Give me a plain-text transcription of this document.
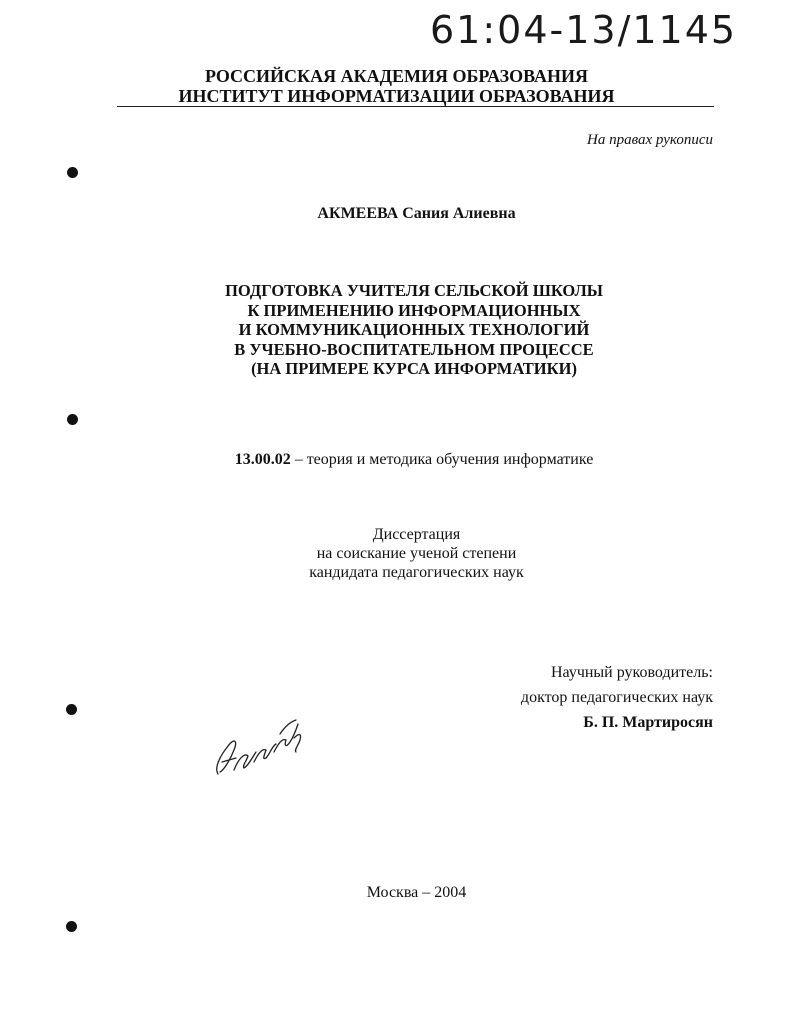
61:04-13/1145
РОССИЙСКАЯ АКАДЕМИЯ ОБРАЗОВАНИЯ
ИНСТИТУТ ИНФОРМАТИЗАЦИИ ОБРАЗОВАНИЯ
На правах рукописи
АКМЕЕВА Сания Алиевна
ПОДГОТОВКА УЧИТЕЛЯ СЕЛЬСКОЙ ШКОЛЫ
К ПРИМЕНЕНИЮ ИНФОРМАЦИОННЫХ
И КОММУНИКАЦИОННЫХ ТЕХНОЛОГИЙ
В УЧЕБНО-ВОСПИТАТЕЛЬНОМ ПРОЦЕССЕ
(НА ПРИМЕРЕ КУРСА ИНФОРМАТИКИ)
13.00.02 – теория и методика обучения информатике
Диссертация
на соискание ученой степени
кандидата педагогических наук
Научный руководитель:
доктор педагогических наук
Б. П. Мартиросян
Москва – 2004
